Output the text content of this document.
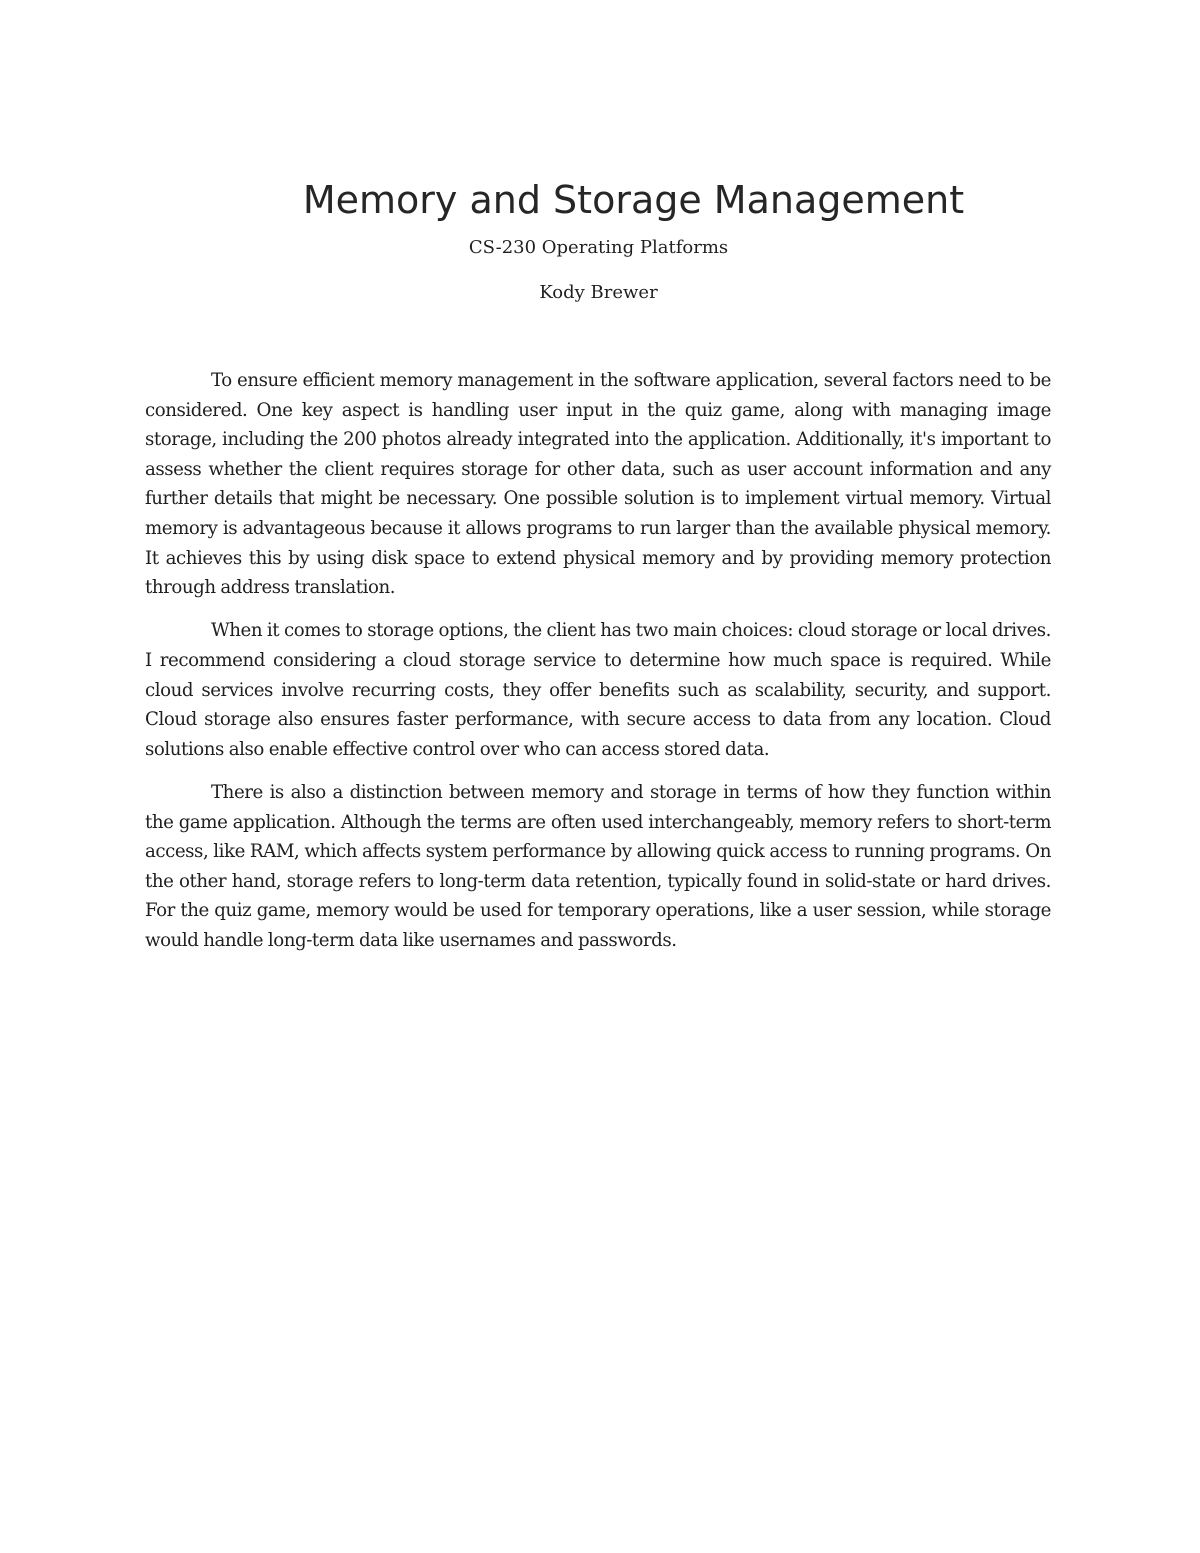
Memory and Storage Management
CS-230 Operating Platforms
Kody Brewer

To ensure efficient memory management in the software application, several factors need to be considered. One key aspect is handling user input in the quiz game, along with managing image storage, including the 200 photos already integrated into the application. Additionally, it's important to assess whether the client requires storage for other data, such as user account information and any further details that might be necessary. One possible solution is to implement virtual memory. Virtual memory is advantageous because it allows programs to run larger than the available physical memory. It achieves this by using disk space to extend physical memory and by providing memory protection through address translation.

When it comes to storage options, the client has two main choices: cloud storage or local drives. I recommend considering a cloud storage service to determine how much space is required. While cloud services involve recurring costs, they offer benefits such as scalability, security, and support. Cloud storage also ensures faster performance, with secure access to data from any location. Cloud solutions also enable effective control over who can access stored data.

There is also a distinction between memory and storage in terms of how they function within the game application. Although the terms are often used interchangeably, memory refers to short-term access, like RAM, which affects system performance by allowing quick access to running programs. On the other hand, storage refers to long-term data retention, typically found in solid-state or hard drives. For the quiz game, memory would be used for temporary operations, like a user session, while storage would handle long-term data like usernames and passwords.
